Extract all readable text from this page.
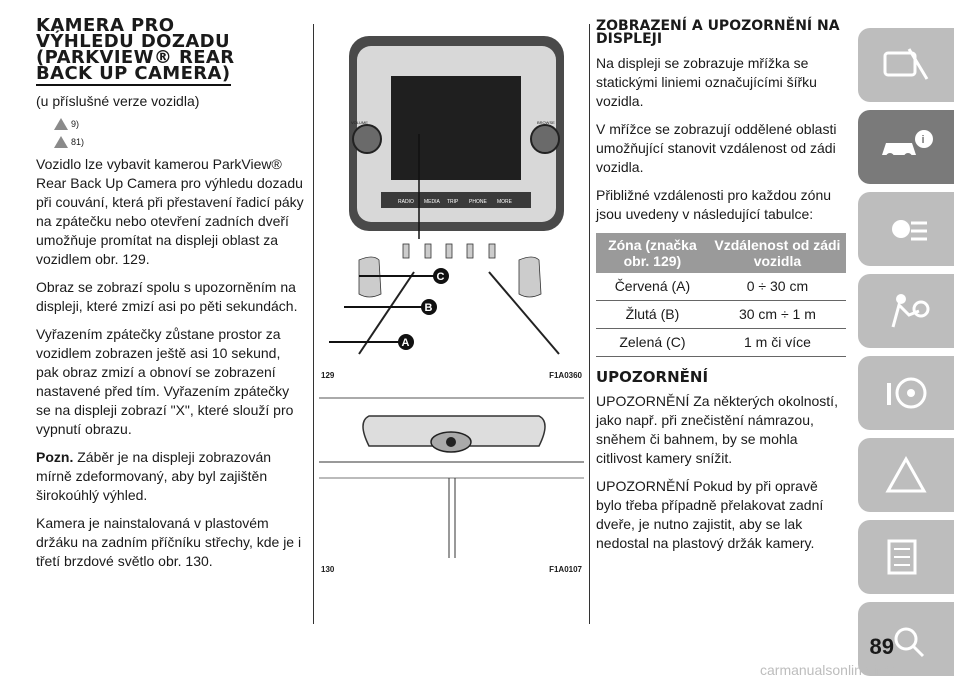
KAMERA PRO
VÝHLEDU DOZADU
(PARKVIEW® REAR
BACK UP CAMERA)

(u příslušné verze vozidla)

9)
81)

Vozidlo lze vybavit kamerou ParkView® Rear Back Up Camera pro výhledu dozadu při couvání, která při přestavení řadicí páky na zpátečku nebo otevření zadních dveří umožňuje promítat na displeji oblast za vozidlem obr. 129.

Obraz se zobrazí spolu s upozorněním na displeji, které zmizí asi po pěti sekundách.

Vyřazením zpátečky zůstane prostor za vozidlem zobrazen ještě asi 10 sekund, pak obraz zmizí a obnoví se zobrazení nastavené před tím. Vyřazením zpátečky se na displeji zobrazí "X", které slouží pro vypnutí obrazu.

Pozn. Záběr je na displeji zobrazován mírně zdeformovaný, aby byl zajištěn širokoúhlý výhled.

Kamera je nainstalovaná v plastovém držáku na zadním příčníku střechy, kde je i třetí brzdové světlo obr. 130.

RADIO MEDIA TRIP PHONE MORE
VOLUME	BROWSE
C
B
A
129	F1A0360
130	F1A0107
ZOBRAZENÍ A UPOZORNĚNÍ NA DISPLEJI

Na displeji se zobrazuje mřížka se statickými liniemi označujícími šířku vozidla.

V mřížce se zobrazují oddělené oblasti umožňující stanovit vzdálenost od zádi vozidla.

Přibližné vzdálenosti pro každou zónu jsou uvedeny v následující tabulce:

Zóna (značka obr. 129)	Vzdálenost od zádi vozidla
Červená (A)	0 ÷ 30 cm
Žlutá (B)	30 cm ÷ 1 m
Zelená (C)	1 m či více
UPOZORNĚNÍ

UPOZORNĚNÍ Za některých okolností, jako např. při znečistění námrazou, sněhem či bahnem, by se mohla citlivost kamery snížit.

UPOZORNĚNÍ Pokud by při opravě bylo třeba případně přelakovat zadní dveře, je nutno zajistit, aby se lak nedostal na plastový držák kamery.

i
89
carmanualsonline.info
